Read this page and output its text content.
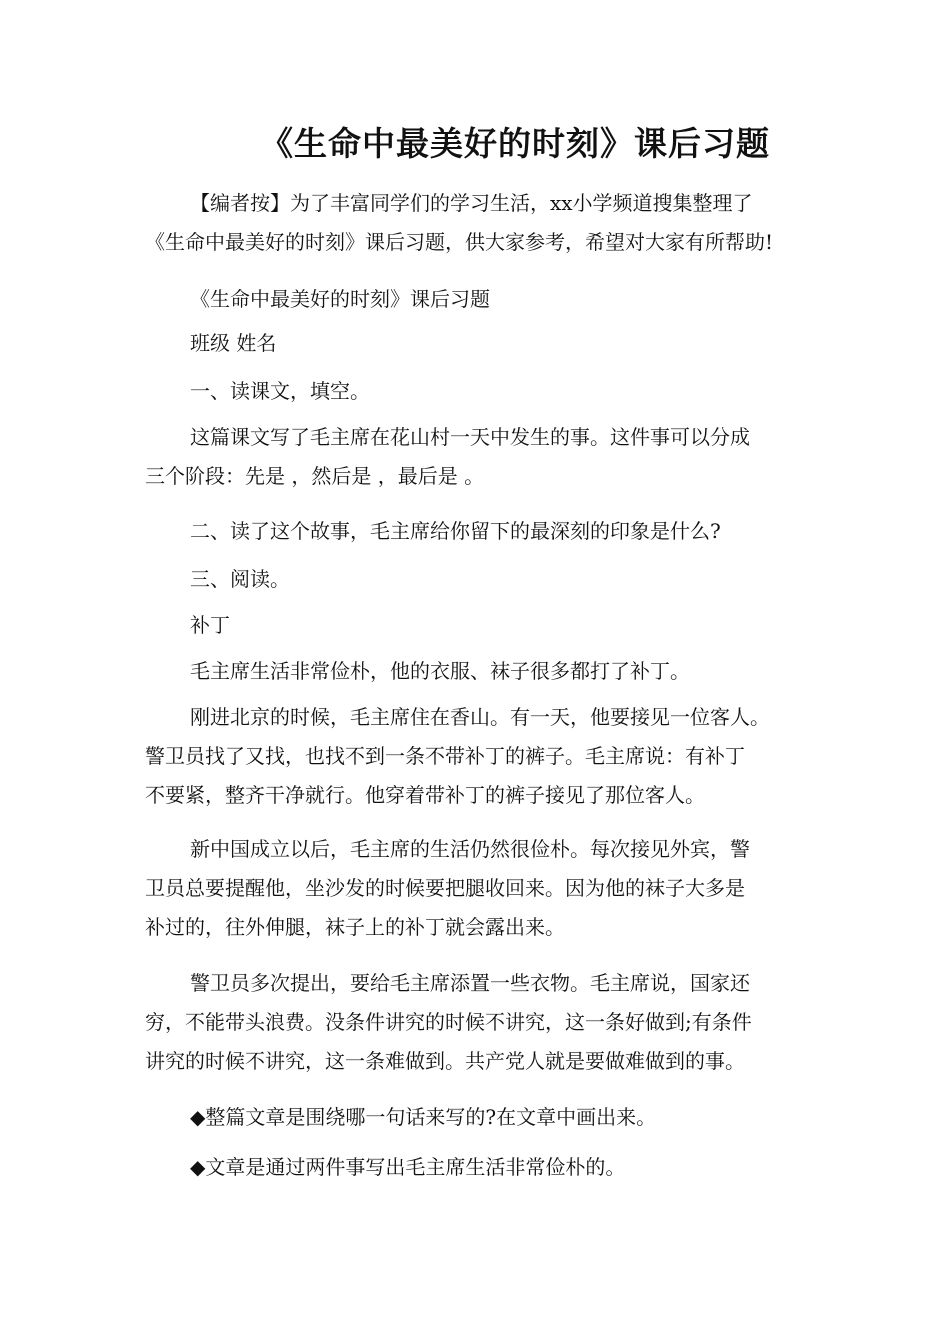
《生命中最美好的时刻》课后习题
【编者按】为了丰富同学们的学习生活，xx小学频道搜集整理了
《生命中最美好的时刻》课后习题，供大家参考，希望对大家有所帮助!
《生命中最美好的时刻》课后习题
班级 姓名
一、读课文，填空。
这篇课文写了毛主席在花山村一天中发生的事。这件事可以分成
三个阶段：先是 ，然后是 ，最后是 。
二、读了这个故事，毛主席给你留下的最深刻的印象是什么?
三、阅读。
补丁
毛主席生活非常俭朴，他的衣服、袜子很多都打了补丁。
刚进北京的时候，毛主席住在香山。有一天，他要接见一位客人。
警卫员找了又找，也找不到一条不带补丁的裤子。毛主席说：有补丁
不要紧，整齐干净就行。他穿着带补丁的裤子接见了那位客人。
新中国成立以后，毛主席的生活仍然很俭朴。每次接见外宾，警
卫员总要提醒他，坐沙发的时候要把腿收回来。因为他的袜子大多是
补过的，往外伸腿，袜子上的补丁就会露出来。
警卫员多次提出，要给毛主席添置一些衣物。毛主席说，国家还
穷，不能带头浪费。没条件讲究的时候不讲究，这一条好做到;有条件
讲究的时候不讲究，这一条难做到。共产党人就是要做难做到的事。
◆整篇文章是围绕哪一句话来写的?在文章中画出来。
◆文章是通过两件事写出毛主席生活非常俭朴的。
